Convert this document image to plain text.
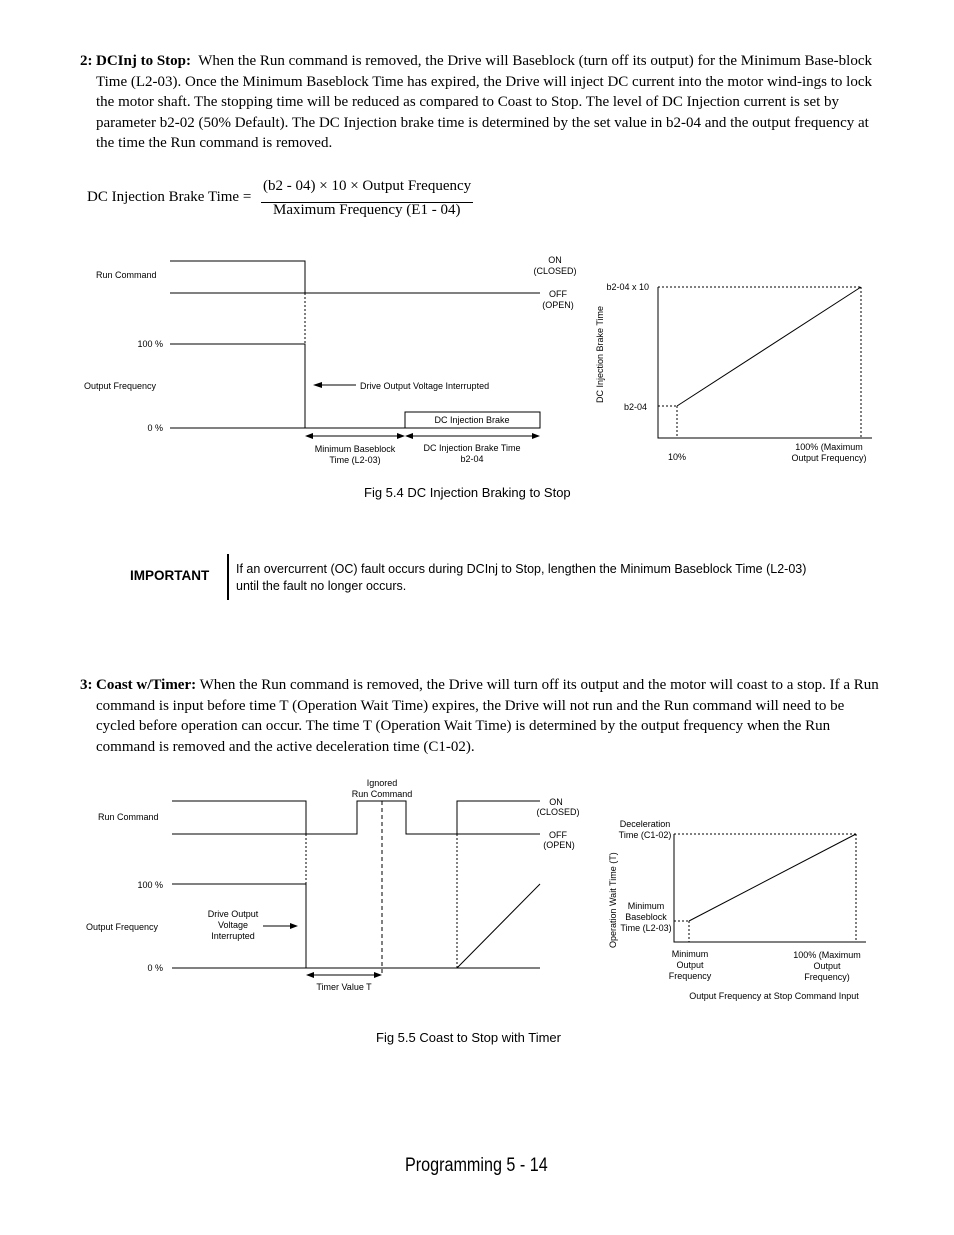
2: DCInj to Stop: When the Run command is removed, the Drive will Baseblock (turn off its output) for the Minimum Base-block Time (L2-03). Once the Minimum Baseblock Time has expired, the Drive will inject DC current into the motor wind-ings to lock the motor shaft. The stopping time will be reduced as compared to Coast to Stop. The level of DC Injection current is set by parameter b2-02 (50% Default). The DC Injection brake time is determined by the set value in b2-04 and the output frequency at the time the Run command is removed.
DC Injection Brake Time =
(b2 - 04) × 10 × Output Frequency
Maximum Frequency (E1 - 04)
Run Command
ON
(CLOSED)
OFF
(OPEN)
100 %
Output Frequency
0 %
Drive Output Voltage Interrupted
DC Injection Brake
Minimum Baseblock
Time (L2-03)
DC Injection Brake Time
b2-04
DC Injection Brake Time
b2-04 x 10
b2-04
10%
100% (Maximum
Output Frequency)
Fig 5.4 DC Injection Braking to Stop
IMPORTANT If an overcurrent (OC) fault occurs during DCInj to Stop, lengthen the Minimum Baseblock Time (L2-03)
until the fault no longer occurs.
3: Coast w/Timer: When the Run command is removed, the Drive will turn off its output and the motor will coast to a stop. If a Run command is input before time T (Operation Wait Time) expires, the Drive will not run and the Run command will need to be cycled before operation can occur. The time T (Operation Wait Time) is determined by the output frequency when the Run command is removed and the active deceleration time (C1-02).
Ignored
Run Command
Run Command
ON
(CLOSED)
OFF
(OPEN)
100 %
Output Frequency
0 %
Drive Output
Voltage
Interrupted
Timer Value T
Operation Wait Time (T)
Deceleration
Time (C1-02)
Minimum
Baseblock
Time (L2-03)
Minimum
Output
Frequency
100% (Maximum
Output
Frequency)
Output Frequency at Stop Command Input
Fig 5.5 Coast to Stop with Timer
Programming 5 - 14
